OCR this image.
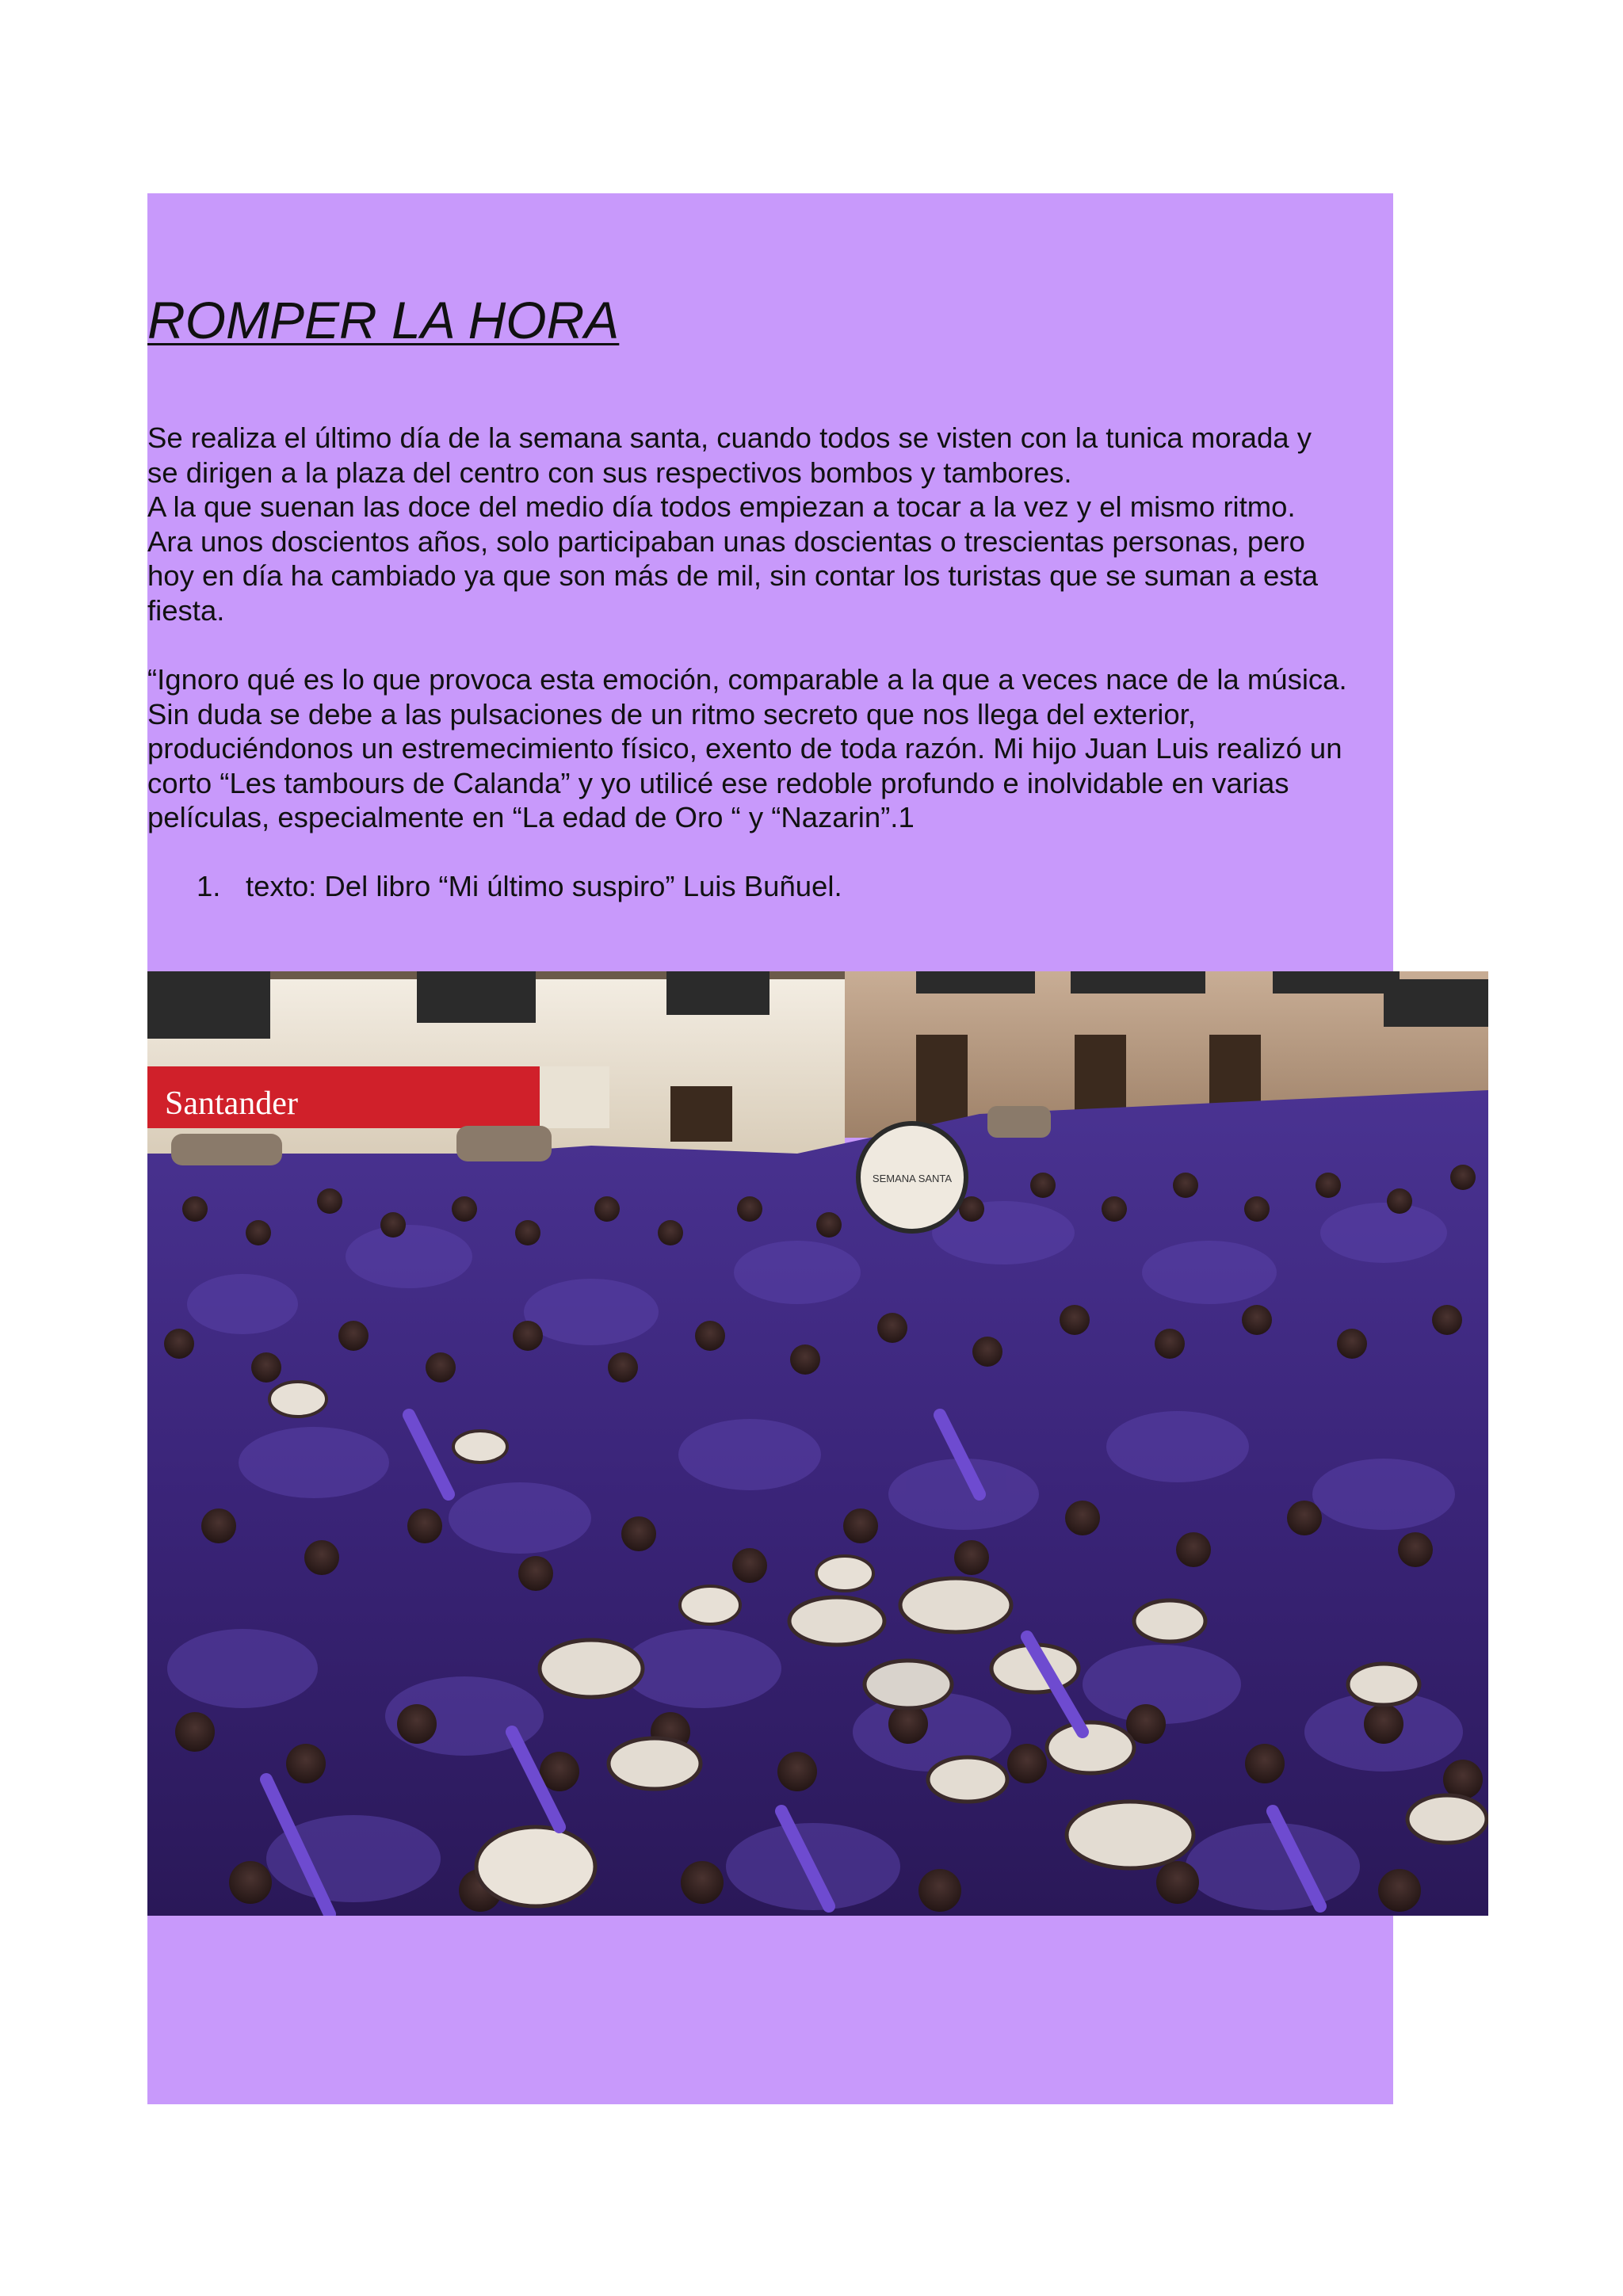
ROMPER LA HORA

Se realiza el último día de la semana santa, cuando todos se visten con la tunica morada y
se dirigen a la plaza del centro con sus respectivos bombos y tambores.
A la que suenan las doce del medio día todos empiezan a tocar a la vez y el mismo ritmo.
Ara unos doscientos años, solo participaban unas doscientas o trescientas personas, pero
hoy en día ha cambiado ya que son más de mil, sin contar los turistas que se suman a esta
fiesta.

“Ignoro qué es lo que provoca esta emoción, comparable a la que a veces nace de la música.
Sin duda se debe a las pulsaciones de un ritmo secreto que nos llega del exterior,
produciéndonos un estremecimiento físico, exento de toda razón. Mi hijo Juan Luis realizó un
corto “Les tambours de Calanda” y yo utilicé ese redoble profundo e inolvidable en varias
películas, especialmente en “La edad de Oro “ y “Nazarin”.1

1. texto: Del libro “Mi último suspiro” Luis Buñuel.

Santander
SEMANA SANTA
